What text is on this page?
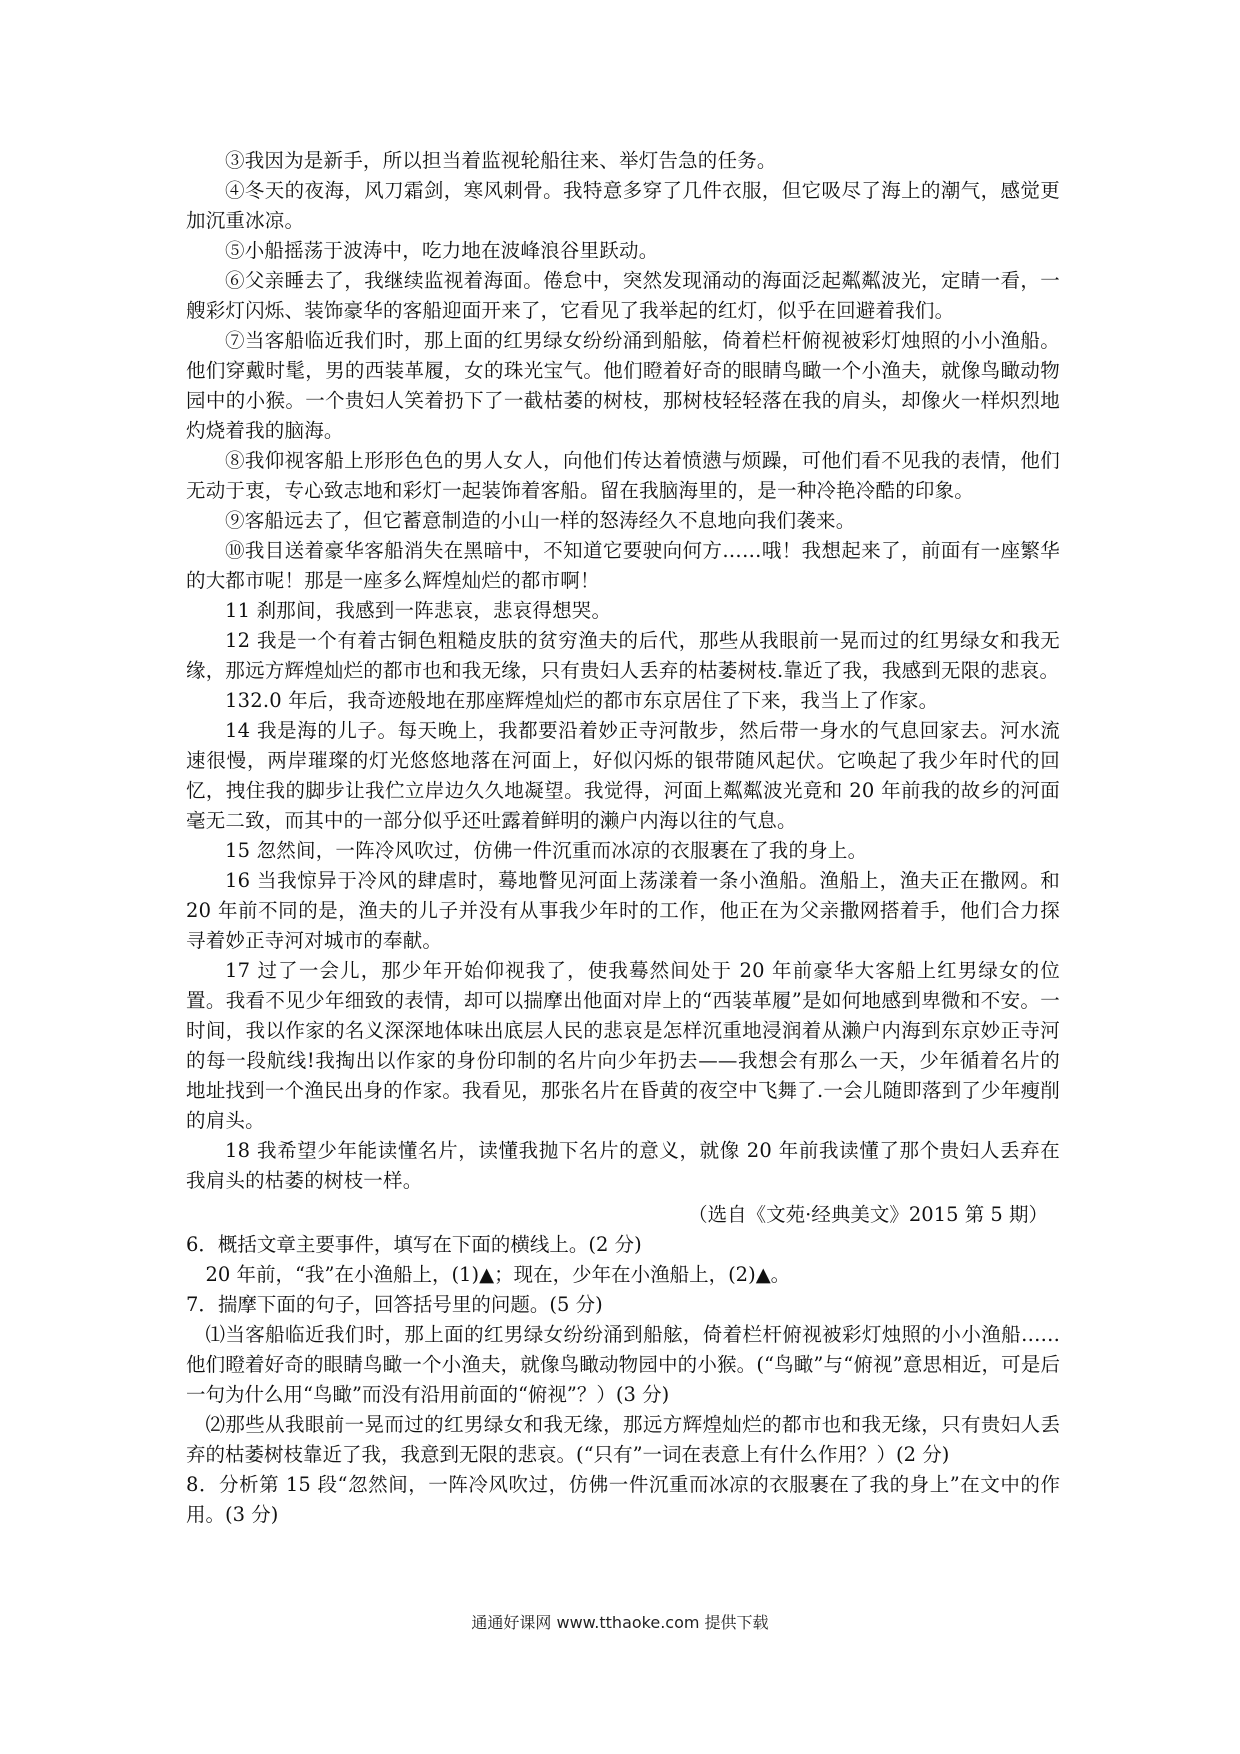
③我因为是新手，所以担当着监视轮船往来、举灯告急的任务。

④冬天的夜海，风刀霜剑，寒风刺骨。我特意多穿了几件衣服，但它吸尽了海上的潮气，感觉更加沉重冰凉。

⑤小船摇荡于波涛中，吃力地在波峰浪谷里跃动。

⑥父亲睡去了，我继续监视着海面。倦怠中，突然发现涌动的海面泛起粼粼波光，定睛一看，一艘彩灯闪烁、装饰豪华的客船迎面开来了，它看见了我举起的红灯，似乎在回避着我们。

⑦当客船临近我们时，那上面的红男绿女纷纷涌到船舷，倚着栏杆俯视被彩灯烛照的小小渔船。他们穿戴时髦，男的西装革履，女的珠光宝气。他们瞪着好奇的眼睛鸟瞰一个小渔夫，就像鸟瞰动物园中的小猴。一个贵妇人笑着扔下了一截枯萎的树枝，那树枝轻轻落在我的肩头，却像火一样炽烈地灼烧着我的脑海。

⑧我仰视客船上形形色色的男人女人，向他们传达着愤懑与烦躁，可他们看不见我的表情，他们无动于衷，专心致志地和彩灯一起装饰着客船。留在我脑海里的，是一种冷艳冷酷的印象。

⑨客船远去了，但它蓄意制造的小山一样的怒涛经久不息地向我们袭来。

⑩我目送着豪华客船消失在黑暗中，不知道它要驶向何方……哦！我想起来了，前面有一座繁华的大都市呢！那是一座多么辉煌灿烂的都市啊！

11 刹那间，我感到一阵悲哀，悲哀得想哭。

12 我是一个有着古铜色粗糙皮肤的贫穷渔夫的后代，那些从我眼前一晃而过的红男绿女和我无缘，那远方辉煌灿烂的都市也和我无缘，只有贵妇人丢弃的枯萎树枝.靠近了我，我感到无限的悲哀。

132.0 年后，我奇迹般地在那座辉煌灿烂的都市东京居住了下来，我当上了作家。

14 我是海的儿子。每天晚上，我都要沿着妙正寺河散步，然后带一身水的气息回家去。河水流速很慢，两岸璀璨的灯光悠悠地落在河面上，好似闪烁的银带随风起伏。它唤起了我少年时代的回忆，拽住我的脚步让我伫立岸边久久地凝望。我觉得，河面上粼粼波光竟和 20 年前我的故乡的河面毫无二致，而其中的一部分似乎还吐露着鲜明的濑户内海以往的气息。

15 忽然间，一阵冷风吹过，仿佛一件沉重而冰凉的衣服裹在了我的身上。

16 当我惊异于冷风的肆虐时，蓦地瞥见河面上荡漾着一条小渔船。渔船上，渔夫正在撒网。和 20 年前不同的是，渔夫的儿子并没有从事我少年时的工作，他正在为父亲撒网搭着手，他们合力探寻着妙正寺河对城市的奉献。

17 过了一会儿，那少年开始仰视我了，使我蓦然间处于 20 年前豪华大客船上红男绿女的位置。我看不见少年细致的表情，却可以揣摩出他面对岸上的“西装革履”是如何地感到卑微和不安。一时间，我以作家的名义深深地体味出底层人民的悲哀是怎样沉重地浸润着从濑户内海到东京妙正寺河的每一段航线!我掏出以作家的身份印制的名片向少年扔去——我想会有那么一天，少年循着名片的地址找到一个渔民出身的作家。我看见，那张名片在昏黄的夜空中飞舞了.一会儿随即落到了少年瘦削的肩头。

18 我希望少年能读懂名片，读懂我抛下名片的意义，就像 20 年前我读懂了那个贵妇人丢弃在我肩头的枯萎的树枝一样。

（选自《文苑·经典美文》2015 第 5 期）

6．概括文章主要事件，填写在下面的横线上。(2 分)

20 年前，“我”在小渔船上，(1)▲；现在，少年在小渔船上，(2)▲。

7．揣摩下面的句子，回答括号里的问题。(5 分)

⑴当客船临近我们时，那上面的红男绿女纷纷涌到船舷，倚着栏杆俯视被彩灯烛照的小小渔船……他们瞪着好奇的眼睛鸟瞰一个小渔夫，就像鸟瞰动物园中的小猴。(“鸟瞰”与“俯视”意思相近，可是后一句为什么用“鸟瞰”而没有沿用前面的“俯视”？）(3 分)

⑵那些从我眼前一晃而过的红男绿女和我无缘，那远方辉煌灿烂的都市也和我无缘，只有贵妇人丢弃的枯萎树枝靠近了我，我意到无限的悲哀。(“只有”一词在表意上有什么作用？）(2 分)

8．分析第 15 段“忽然间，一阵冷风吹过，仿佛一件沉重而冰凉的衣服裹在了我的身上”在文中的作用。(3 分)

通通好课网 www.tthaoke.com 提供下载
